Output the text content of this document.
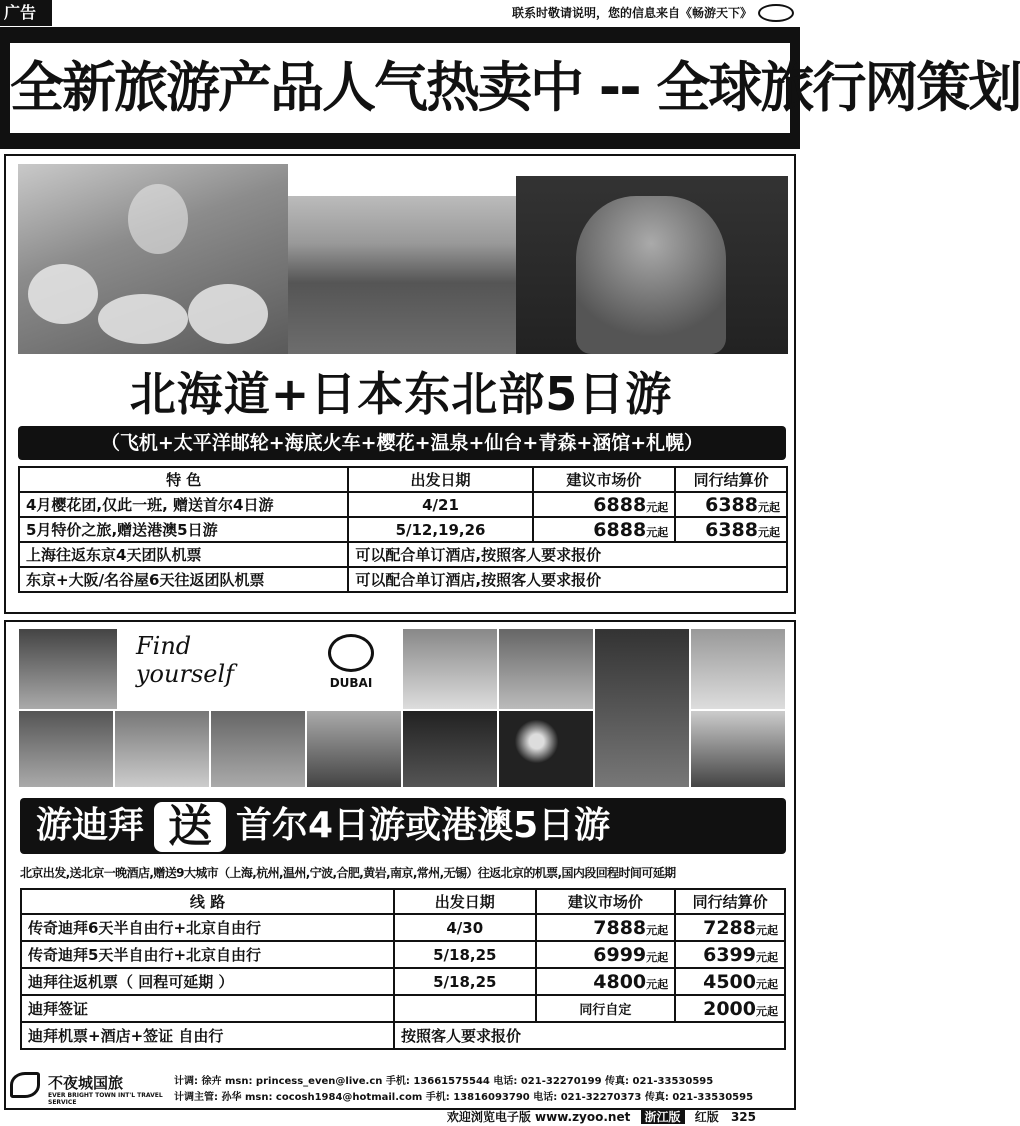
广告	联系时敬请说明，您的信息来自《畅游天下》
全新旅游产品人气热卖中 -- 全球旅行网策划
北海道+日本东北部5日游
（飞机+太平洋邮轮+海底火车+樱花+温泉+仙台+青森+涵馆+札幌）
特 色	出发日期	建议市场价	同行结算价
4月樱花团,仅此一班, 赠送首尔4日游	4/21	6888元起	6388元起
5月特价之旅,赠送港澳5日游	5/12,19,26	6888元起	6388元起
上海往返东京4天团队机票	可以配合单订酒店,按照客人要求报价		
东京+大阪/名谷屋6天往返团队机票	可以配合单订酒店,按照客人要求报价		
Find yourself	DUBAI
游迪拜 送 首尔4日游或港澳5日游
北京出发,送北京一晚酒店,赠送9大城市（上海,杭州,温州,宁波,合肥,黄岩,南京,常州,无锡）往返北京的机票,国内段回程时间可延期
线 路	出发日期	建议市场价	同行结算价
传奇迪拜6天半自由行+北京自由行	4/30	7888元起	7288元起
传奇迪拜5天半自由行+北京自由行	5/18,25	6999元起	6399元起
迪拜往返机票（ 回程可延期 ）	5/18,25	4800元起	4500元起
迪拜签证		同行自定	2000元起
迪拜机票+酒店+签证 自由行	按照客人要求报价		
不夜城国旅
EVER BRIGHT TOWN INT'L TRAVEL SERVICE
计调: 徐卉 msn: princess_even@live.cn 手机: 13661575544 电话: 021-32270199 传真: 021-33530595
计调主管: 孙华 msn: cocosh1984@hotmail.com 手机: 13816093790 电话: 021-32270373 传真: 021-33530595
欢迎浏览电子版 www.zyoo.net 浙江版 红版 325
